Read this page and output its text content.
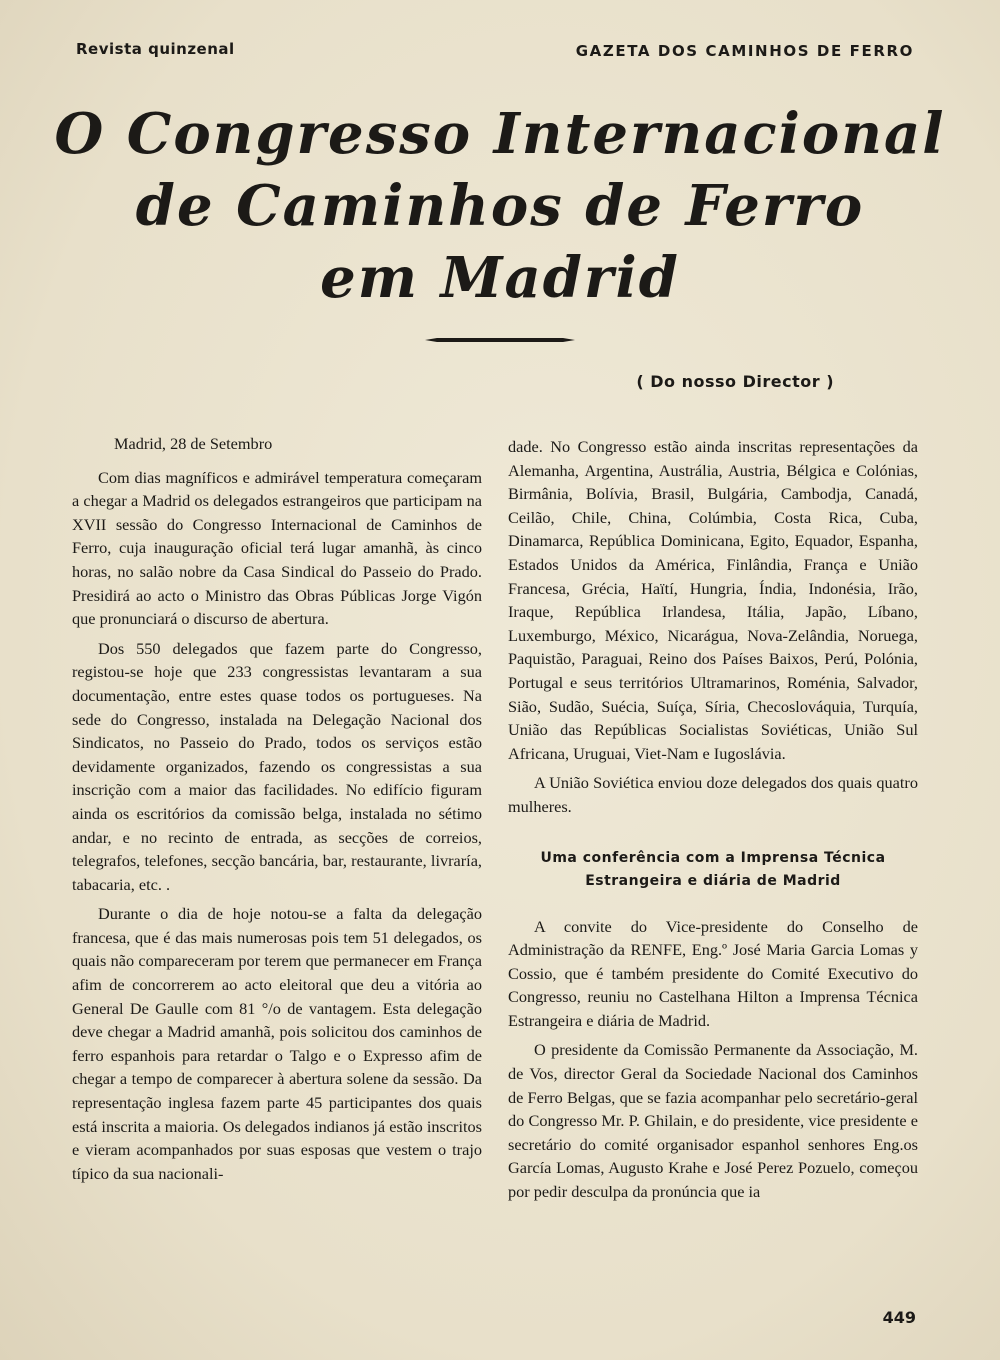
Revista quinzenal	GAZETA DOS CAMINHOS DE FERRO
O Congresso Internacional
de Caminhos de Ferro
em Madrid
( Do nosso Director )

Madrid, 28 de Setembro

Com dias magníficos e admirável temperatura começaram a chegar a Madrid os delegados estrangeiros que participam na XVII sessão do Congresso Internacional de Caminhos de Ferro, cuja inauguração oficial terá lugar amanhã, às cinco horas, no salão nobre da Casa Sindical do Passeio do Prado. Presidirá ao acto o Ministro das Obras Públicas Jorge Vigón que pronunciará o discurso de abertura.

Dos 550 delegados que fazem parte do Congresso, registou-se hoje que 233 congressistas levantaram a sua documentação, entre estes quase todos os portugueses. Na sede do Congresso, instalada na Delegação Nacional dos Sindicatos, no Passeio do Prado, todos os serviços estão devidamente organizados, fazendo os congressistas a sua inscrição com a maior das facilidades. No edifício figuram ainda os escritórios da comissão belga, instalada no sétimo andar, e no recinto de entrada, as secções de correios, telegrafos, telefones, secção bancária, bar, restaurante, livraría, tabacaria, etc. .

Durante o dia de hoje notou-se a falta da delegação francesa, que é das mais numerosas pois tem 51 delegados, os quais não compareceram por terem que permanecer em França afim de concorrerem ao acto eleitoral que deu a vitória ao General De Gaulle com 81 °/o de vantagem. Esta delegação deve chegar a Madrid amanhã, pois solicitou dos caminhos de ferro espanhois para retardar o Talgo e o Expresso afim de chegar a tempo de comparecer à abertura solene da sessão. Da representação inglesa fazem parte 45 participantes dos quais está inscrita a maioria. Os delegados indianos já estão inscritos e vieram acompanhados por suas esposas que vestem o trajo típico da sua nacionali-

dade. No Congresso estão ainda inscritas representações da Alemanha, Argentina, Austrália, Austria, Bélgica e Colónias, Birmânia, Bolívia, Brasil, Bulgária, Cambodja, Canadá, Ceilão, Chile, China, Colúmbia, Costa Rica, Cuba, Dinamarca, República Dominicana, Egito, Equador, Espanha, Estados Unidos da América, Finlândia, França e União Francesa, Grécia, Haïtí, Hungria, Índia, Indonésia, Irão, Iraque, República Irlandesa, Itália, Japão, Líbano, Luxemburgo, México, Nicarágua, Nova-Zelândia, Noruega, Paquistão, Paraguai, Reino dos Países Baixos, Perú, Polónia, Portugal e seus territórios Ultramarinos, Roménia, Salvador, Sião, Sudão, Suécia, Suíça, Síria, Checoslováquia, Turquía, União das Repúblicas Socialistas Soviéticas, União Sul Africana, Uruguai, Viet-Nam e Iugoslávia.

A União Soviética enviou doze delegados dos quais quatro mulheres.

Uma conferência com a Imprensa Técnica
Estrangeira e diária de Madrid

A convite do Vice-presidente do Conselho de Administração da RENFE, Eng.º José Maria Garcia Lomas y Cossio, que é também presidente do Comité Executivo do Congresso, reuniu no Castelhana Hilton a Imprensa Técnica Estrangeira e diária de Madrid.

O presidente da Comissão Permanente da Associação, M. de Vos, director Geral da Sociedade Nacional dos Caminhos de Ferro Belgas, que se fazia acompanhar pelo secretário-geral do Congresso Mr. P. Ghilain, e do presidente, vice presidente e secretário do comité organisador espanhol senhores Eng.os García Lomas, Augusto Krahe e José Perez Pozuelo, começou por pedir desculpa da pronúncia que ia

449
